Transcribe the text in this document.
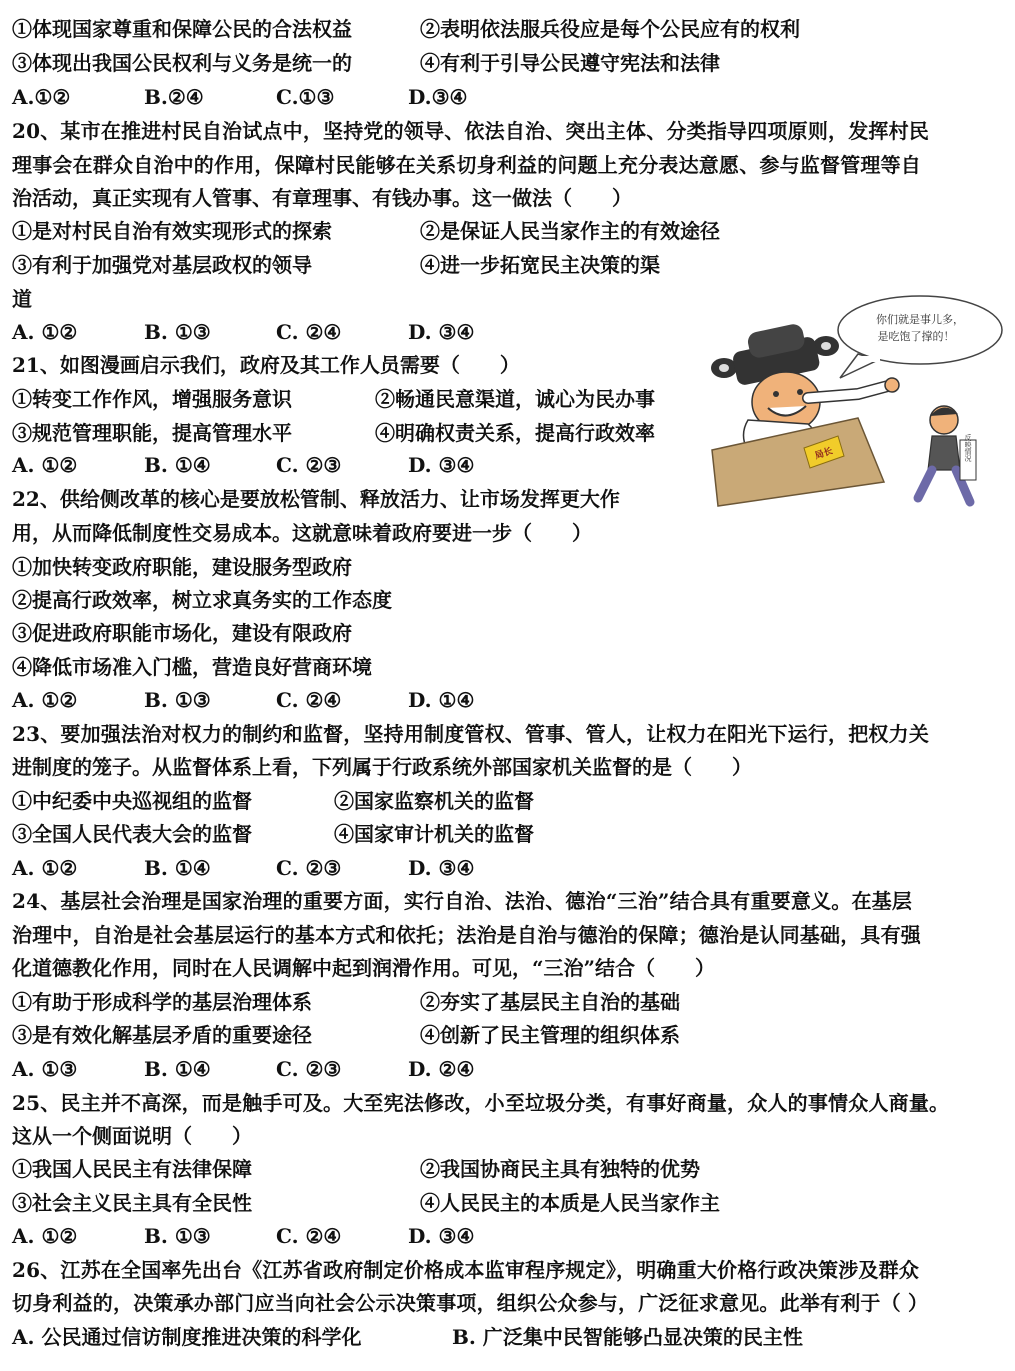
①体现国家尊重和保障公民的合法权益	②表明依法服兵役应是每个公民应有的权利
③体现出我国公民权利与义务是统一的	④有利于引导公民遵守宪法和法律
A.①②	B.②④	C.①③	D.③④
20、某市在推进村民自治试点中，坚持党的领导、依法自治、突出主体、分类指导四项原则，发挥村民
理事会在群众自治中的作用，保障村民能够在关系切身利益的问题上充分表达意愿、参与监督管理等自
治活动，真正实现有人管事、有章理事、有钱办事。这一做法（　　）
①是对村民自治有效实现形式的探索	②是保证人民当家作主的有效途径
③有利于加强党对基层政权的领导	④进一步拓宽民主决策的渠
道
A. ①②	B. ①③	C. ②④	D. ③④
21、如图漫画启示我们，政府及其工作人员需要（　　）
①转变工作作风，增强服务意识	②畅通民意渠道，诚心为民办事
③规范管理职能，提高管理水平	④明确权责关系，提高行政效率
A. ①②	B. ①④	C. ②③	D. ③④
你们就是事儿多，
是吃饱了撑的！
局长	反映情况
22、供给侧改革的核心是要放松管制、释放活力、让市场发挥更大作
用，从而降低制度性交易成本。这就意味着政府要进一步（　　）
①加快转变政府职能，建设服务型政府
②提高行政效率，树立求真务实的工作态度
③促进政府职能市场化，建设有限政府
④降低市场准入门槛，营造良好营商环境
A. ①②	B. ①③	C. ②④	D. ①④
23、要加强法治对权力的制约和监督，坚持用制度管权、管事、管人，让权力在阳光下运行，把权力关
进制度的笼子。从监督体系上看，下列属于行政系统外部国家机关监督的是（　　）
①中纪委中央巡视组的监督	②国家监察机关的监督
③全国人民代表大会的监督	④国家审计机关的监督
A. ①②	B. ①④	C. ②③	D. ③④
24、基层社会治理是国家治理的重要方面，实行自治、法治、德治“三治”结合具有重要意义。在基层
治理中，自治是社会基层运行的基本方式和依托；法治是自治与德治的保障；德治是认同基础，具有强
化道德教化作用，同时在人民调解中起到润滑作用。可见，“三治”结合（　　）
①有助于形成科学的基层治理体系	②夯实了基层民主自治的基础
③是有效化解基层矛盾的重要途径	④创新了民主管理的组织体系
A. ①③	B. ①④	C. ②③	D. ②④
25、民主并不高深，而是触手可及。大至宪法修改，小至垃圾分类，有事好商量，众人的事情众人商量。
这从一个侧面说明（　　）
①我国人民民主有法律保障	②我国协商民主具有独特的优势
③社会主义民主具有全民性	④人民民主的本质是人民当家作主
A. ①②	B. ①③	C. ②④	D. ③④
26、江苏在全国率先出台《江苏省政府制定价格成本监审程序规定》，明确重大价格行政决策涉及群众
切身利益的，决策承办部门应当向社会公示决策事项，组织公众参与，广泛征求意见。此举有利于（ ）
A. 公民通过信访制度推进决策的科学化	B. 广泛集中民智能够凸显决策的民主性
